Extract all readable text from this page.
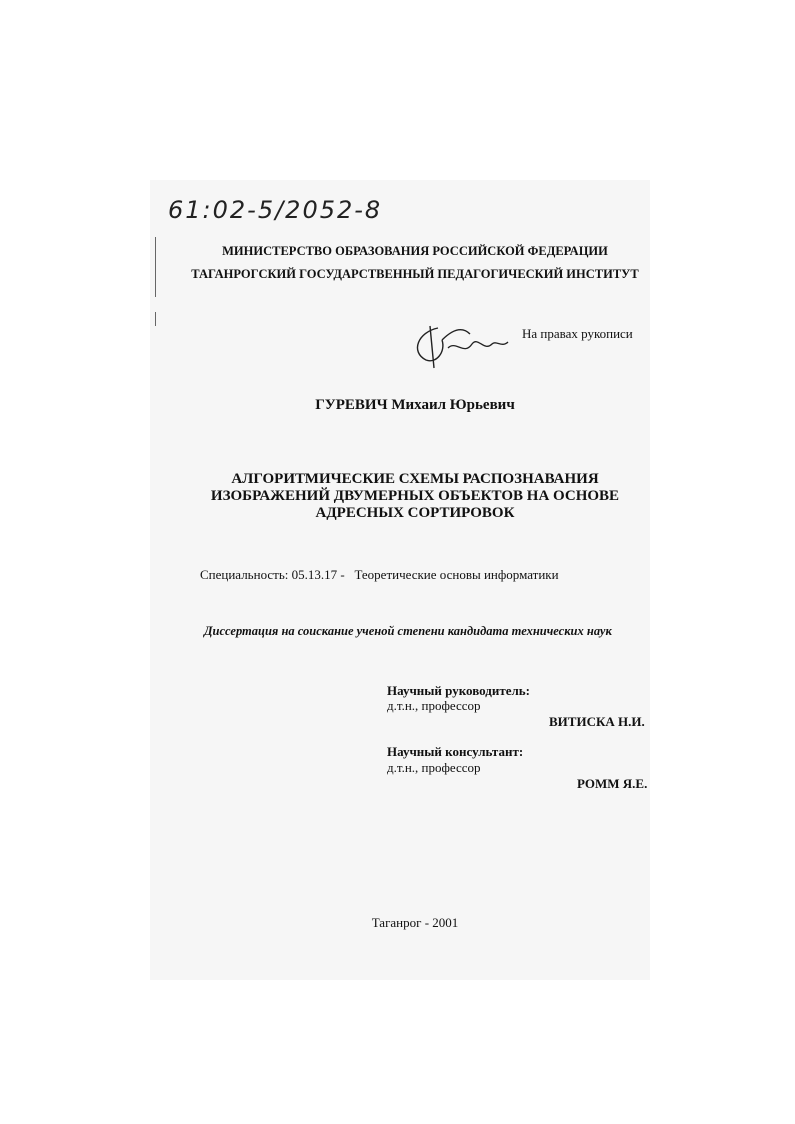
61:02-5/2052-8
МИНИСТЕРСТВО ОБРАЗОВАНИЯ РОССИЙСКОЙ ФЕДЕРАЦИИ
ТАГАНРОГСКИЙ ГОСУДАРСТВЕННЫЙ ПЕДАГОГИЧЕСКИЙ ИНСТИТУТ
На правах рукописи
ГУРЕВИЧ Михаил Юрьевич
АЛГОРИТМИЧЕСКИЕ СХЕМЫ РАСПОЗНАВАНИЯ
ИЗОБРАЖЕНИЙ ДВУМЕРНЫХ ОБЪЕКТОВ НА ОСНОВЕ
АДРЕСНЫХ СОРТИРОВОК
Специальность: 05.13.17 -   Теоретические основы информатики
Диссертация на соискание ученой степени кандидата технических наук
Научный руководитель:
д.т.н., профессор
ВИТИСКА Н.И.
Научный консультант:
д.т.н., профессор
РОММ Я.Е.
Таганрог - 2001
